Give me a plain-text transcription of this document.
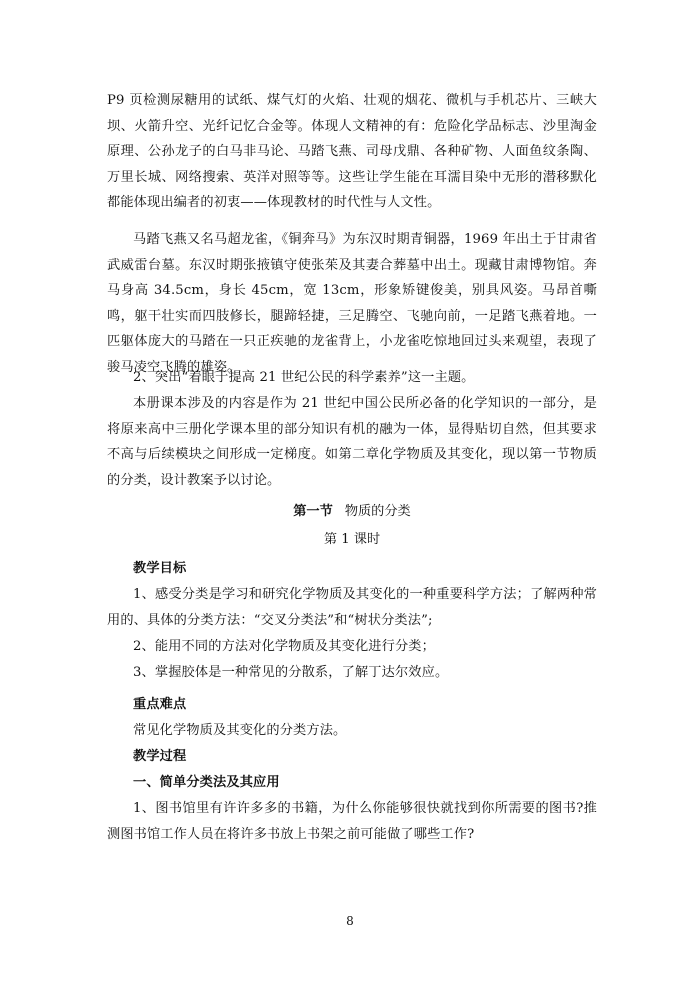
P9 页检测尿糖用的试纸、煤气灯的火焰、壮观的烟花、微机与手机芯片、三峡大坝、火箭升空、光纤记忆合金等。体现人文精神的有：危险化学品标志、沙里淘金原理、公孙龙子的白马非马论、马踏飞燕、司母戊鼎、各种矿物、人面鱼纹条陶、万里长城、网络搜索、英洋对照等等。这些让学生能在耳濡目染中无形的潜移默化都能体现出编者的初衷——体现教材的时代性与人文性。

马踏飞燕又名马超龙雀，《铜奔马》为东汉时期青铜器，1969 年出土于甘肃省武威雷台墓。东汉时期张掖镇守使张茱及其妻合葬墓中出土。现藏甘肃博物馆。奔马身高 34.5cm，身长 45cm，宽 13cm，形象矫键俊美，别具风姿。马昂首嘶鸣，躯干壮实而四肢修长，腿蹄轻捷，三足腾空、飞驰向前，一足踏飞燕着地。一匹躯体庞大的马踏在一只正疾驰的龙雀背上，小龙雀吃惊地回过头来观望，表现了骏马凌空飞腾的雄姿。

2、突出“着眼于提高 21 世纪公民的科学素养”这一主题。

本册课本涉及的内容是作为 21 世纪中国公民所必备的化学知识的一部分，是将原来高中三册化学课本里的部分知识有机的融为一体，显得贴切自然，但其要求不高与后续模块之间形成一定梯度。如第二章化学物质及其变化，现以第一节物质的分类，设计教案予以讨论。

第一节 物质的分类

第 1 课时

教学目标

1、感受分类是学习和研究化学物质及其变化的一种重要科学方法；了解两种常用的、具体的分类方法：“交叉分类法”和“树状分类法”;

2、能用不同的方法对化学物质及其变化进行分类；

3、掌握胶体是一种常见的分散系，了解丁达尔效应。

重点难点

常见化学物质及其变化的分类方法。

教学过程

一、简单分类法及其应用

1、图书馆里有许许多多的书籍，为什么你能够很快就找到你所需要的图书?推测图书馆工作人员在将许多书放上书架之前可能做了哪些工作?

8
